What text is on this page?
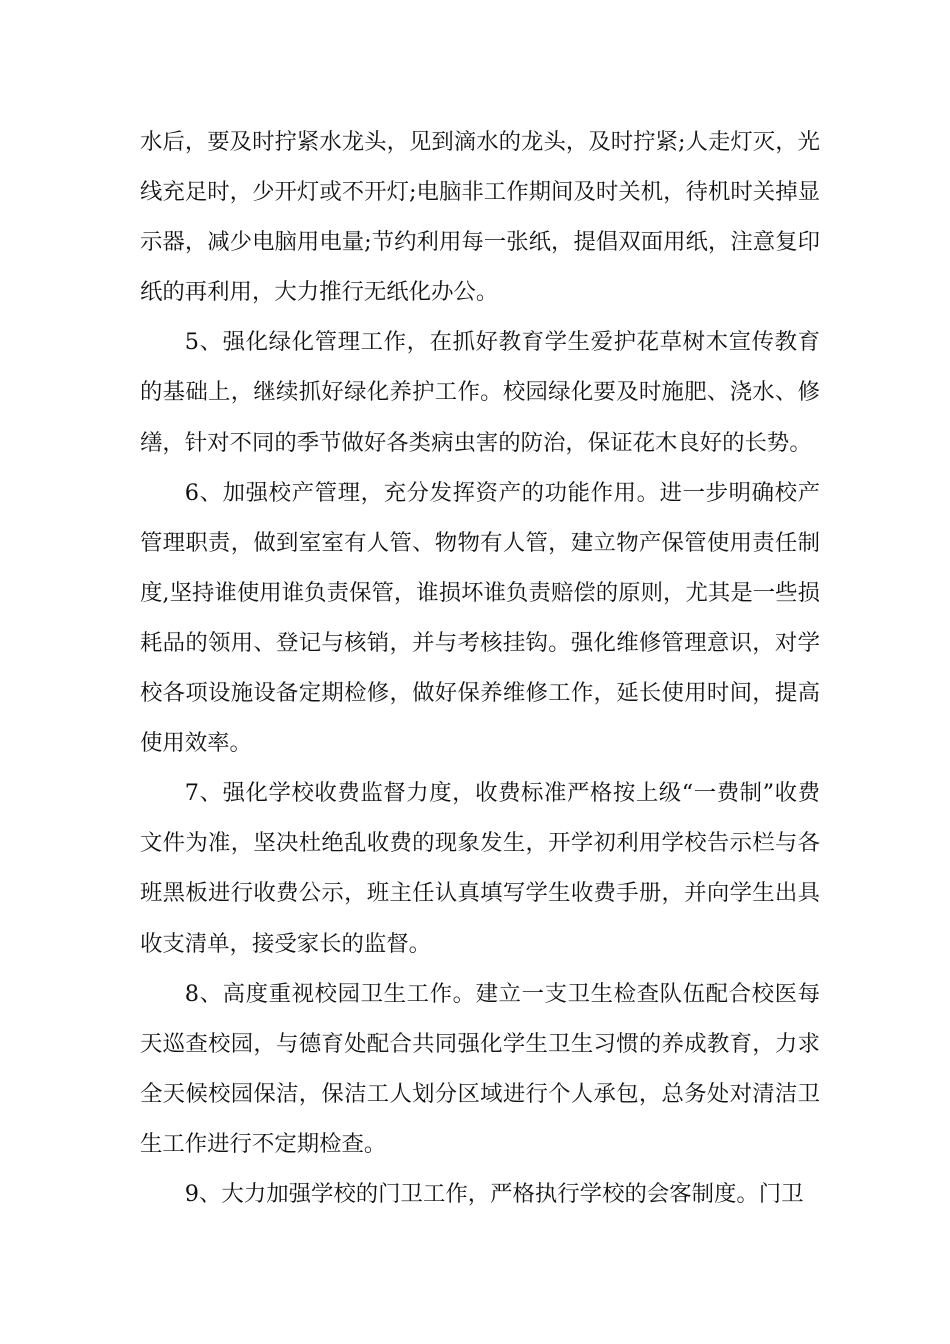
水后，要及时拧紧水龙头，见到滴水的龙头，及时拧紧;人走灯灭，光线充足时，少开灯或不开灯;电脑非工作期间及时关机，待机时关掉显示器，减少电脑用电量;节约利用每一张纸，提倡双面用纸，注意复印纸的再利用，大力推行无纸化办公。

5、强化绿化管理工作，在抓好教育学生爱护花草树木宣传教育的基础上，继续抓好绿化养护工作。校园绿化要及时施肥、浇水、修缮，针对不同的季节做好各类病虫害的防治，保证花木良好的长势。

6、加强校产管理，充分发挥资产的功能作用。进一步明确校产管理职责，做到室室有人管、物物有人管，建立物产保管使用责任制度,坚持谁使用谁负责保管，谁损坏谁负责赔偿的原则，尤其是一些损耗品的领用、登记与核销，并与考核挂钩。强化维修管理意识，对学校各项设施设备定期检修，做好保养维修工作，延长使用时间，提高使用效率。

7、强化学校收费监督力度，收费标准严格按上级“一费制”收费文件为准，坚决杜绝乱收费的现象发生，开学初利用学校告示栏与各班黑板进行收费公示，班主任认真填写学生收费手册，并向学生出具收支清单，接受家长的监督。

8、高度重视校园卫生工作。建立一支卫生检查队伍配合校医每天巡查校园，与德育处配合共同强化学生卫生习惯的养成教育，力求全天候校园保洁，保洁工人划分区域进行个人承包，总务处对清洁卫生工作进行不定期检查。

9、大力加强学校的门卫工作，严格执行学校的会客制度。门卫
